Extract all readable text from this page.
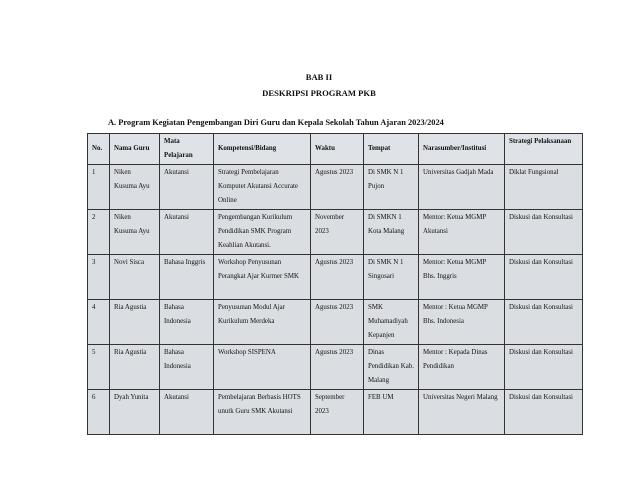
BAB II
DESKRIPSI PROGRAM PKB
A. Program Kegiatan Pengembangan Diri Guru dan Kepala Sekolah Tahun Ajaran 2023/2024
No.	Nama Guru	Mata Pelajaran	Kompetensi/Bidang	Waktu	Tempat	Narasumber/Institusi	Strategi Pelaksanaan
1	Niken Kusuma Ayu	Akutansi	Strategi Pembelajaran Komputet Akutansi Accurate Online	Agustus 2023	Di SMK N 1 Pujon	Universitas Gadjah Mada	Diklat Fungsional
2	Niken Kusuma Ayu	Akutansi	Pengembangan Kurikulum Pendidikan SMK Program Keahlian Akutansi.	November 2023	Di SMKN 1 Kota Malang	Mentor: Ketua MGMP Akutansi	Diskusi dan Konsultasi
3	Novi Sisca	Bahasa Inggris	Workshop Penyusunan Perangkat Ajar Kurmer SMK	Agustus 2023	Di SMK N 1 Singosari	Mentor: Ketua MGMP Bhs. Inggris	Diskusi dan Konsultasi
4	Ria Agustia	Bahasa Indonesia	Penyusunan Modul Ajar Kurikulum Merdeka	Agustus 2023	SMK Muhamadiyah Kepanjen	Mentor : Ketua MGMP Bhs. Indonesia	Diskusi dan Konsultasi
5	Ria Agustia	Bahasa Indonesia	Workshop SISPENA	Agustus 2023	Dinas Pendidikan Kab. Malang	Mentor : Kepada Dinas Pendidikan	Diskusi dan Konsultasi
6	Dyah Yunita	Akutansi	Pembelajaran Berbasis HOTS unutk Guru SMK Akutansi	September 2023	FEB UM	Universitas Negeri Malang	Diskusi dan Konsultasi
